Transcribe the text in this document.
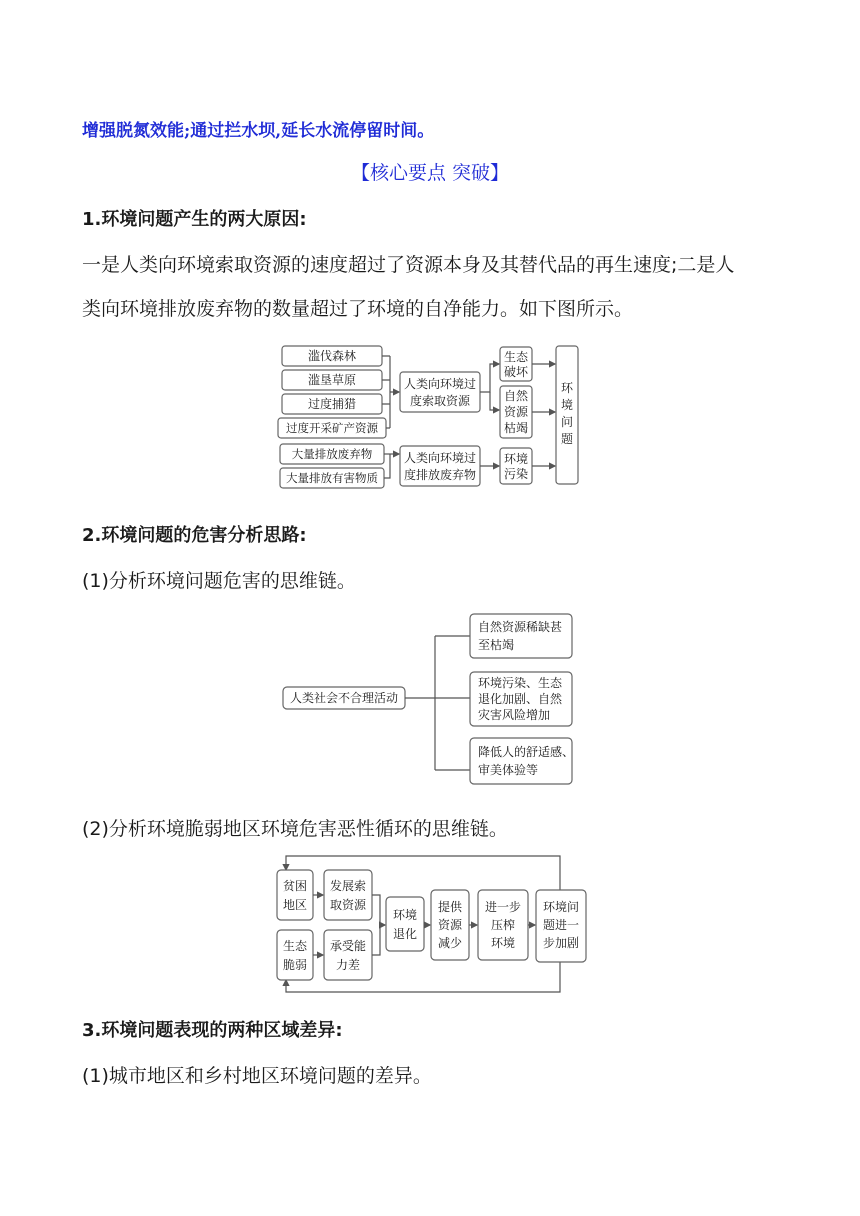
增强脱氮效能;通过拦水坝,延长水流停留时间。
【核心要点 突破】
1.环境问题产生的两大原因:
一是人类向环境索取资源的速度超过了资源本身及其替代品的再生速度;二是人
类向环境排放废弃物的数量超过了环境的自净能力。如下图所示。
滥伐森林
滥垦草原
过度捕猎
过度开采矿产资源
大量排放废弃物
大量排放有害物质
人类向环境过
度索取资源
人类向环境过
度排放废弃物
生态
破坏
自然
资源
枯竭
环境
污染
环
境
问
题
2.环境问题的危害分析思路:
(1)分析环境问题危害的思维链。
人类社会不合理活动
自然资源稀缺甚
至枯竭
环境污染、生态
退化加剧、自然
灾害风险增加
降低人的舒适感、
审美体验等
(2)分析环境脆弱地区环境危害恶性循环的思维链。
贫困
地区
生态
脆弱
发展索
取资源
承受能
力差
环境
退化
提供
资源
减少
进一步
压榨
环境
环境问
题进一
步加剧
3.环境问题表现的两种区域差异:
(1)城市地区和乡村地区环境问题的差异。
